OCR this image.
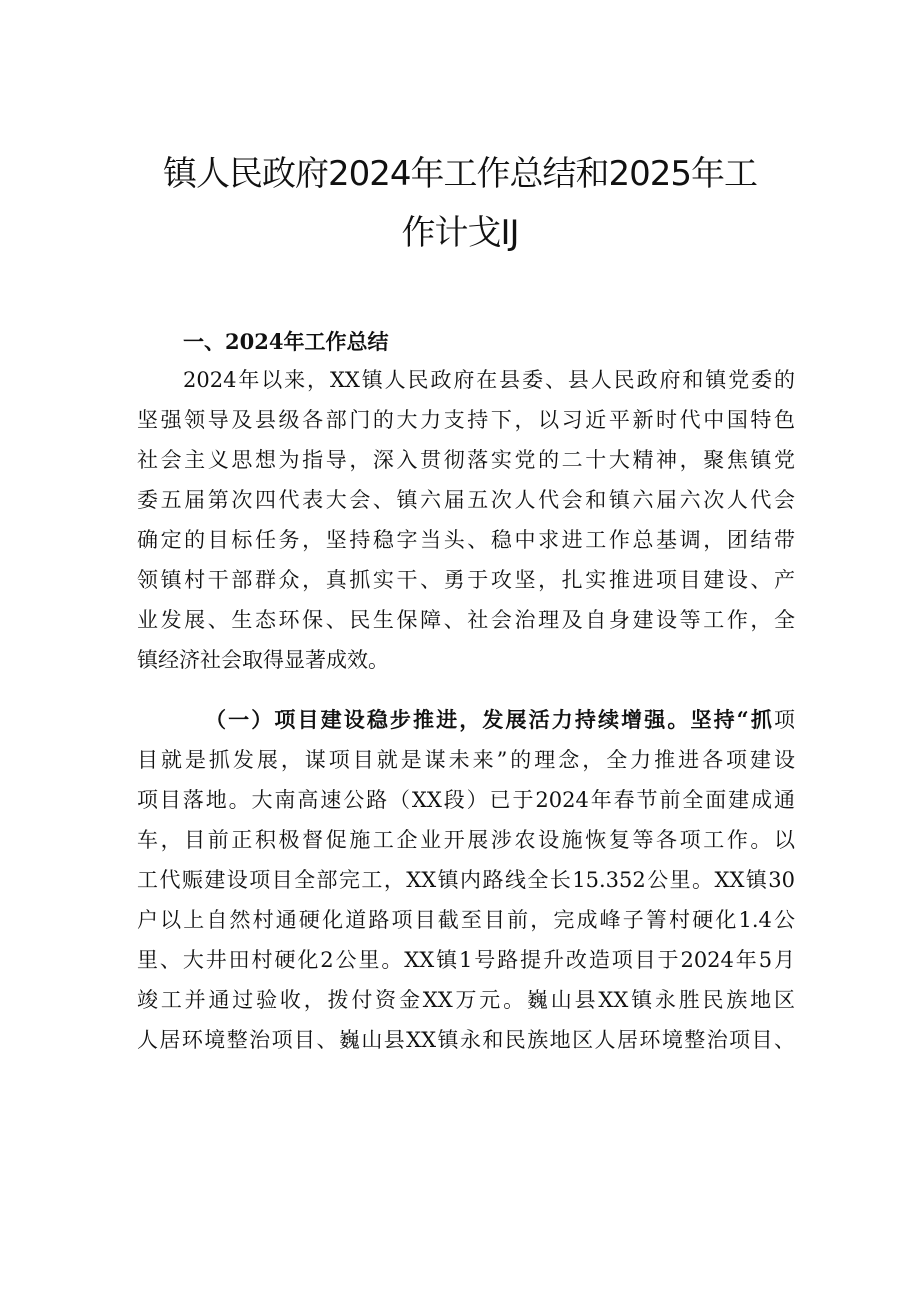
镇人民政府2024年工作总结和2025年工
作计戈IJ
一、2024年工作总结
2024年以来，XX镇人民政府在县委、县人民政府和镇党委的
坚强领导及县级各部门的大力支持下，以习近平新时代中国特色
社会主义思想为指导，深入贯彻落实党的二十大精神，聚焦镇党
委五届第次四代表大会、镇六届五次人代会和镇六届六次人代会
确定的目标任务，坚持稳字当头、稳中求进工作总基调，团结带
领镇村干部群众，真抓实干、勇于攻坚，扎实推进项目建设、产
业发展、生态环保、民生保障、社会治理及自身建设等工作，全
镇经济社会取得显著成效。
（一）项目建设稳步推进，发展活力持续增强。坚持“抓项
目就是抓发展，谋项目就是谋未来”的理念，全力推进各项建设
项目落地。大南高速公路（XX段）已于2024年春节前全面建成通
车，目前正积极督促施工企业开展涉农设施恢复等各项工作。以
工代赈建设项目全部完工，XX镇内路线全长15.352公里。XX镇30
户以上自然村通硬化道路项目截至目前，完成峰子箐村硬化1.4公
里、大井田村硬化2公里。XX镇1号路提升改造项目于2024年5月
竣工并通过验收，拨付资金XX万元。巍山县XX镇永胜民族地区
人居环境整治项目、巍山县XX镇永和民族地区人居环境整治项目、
